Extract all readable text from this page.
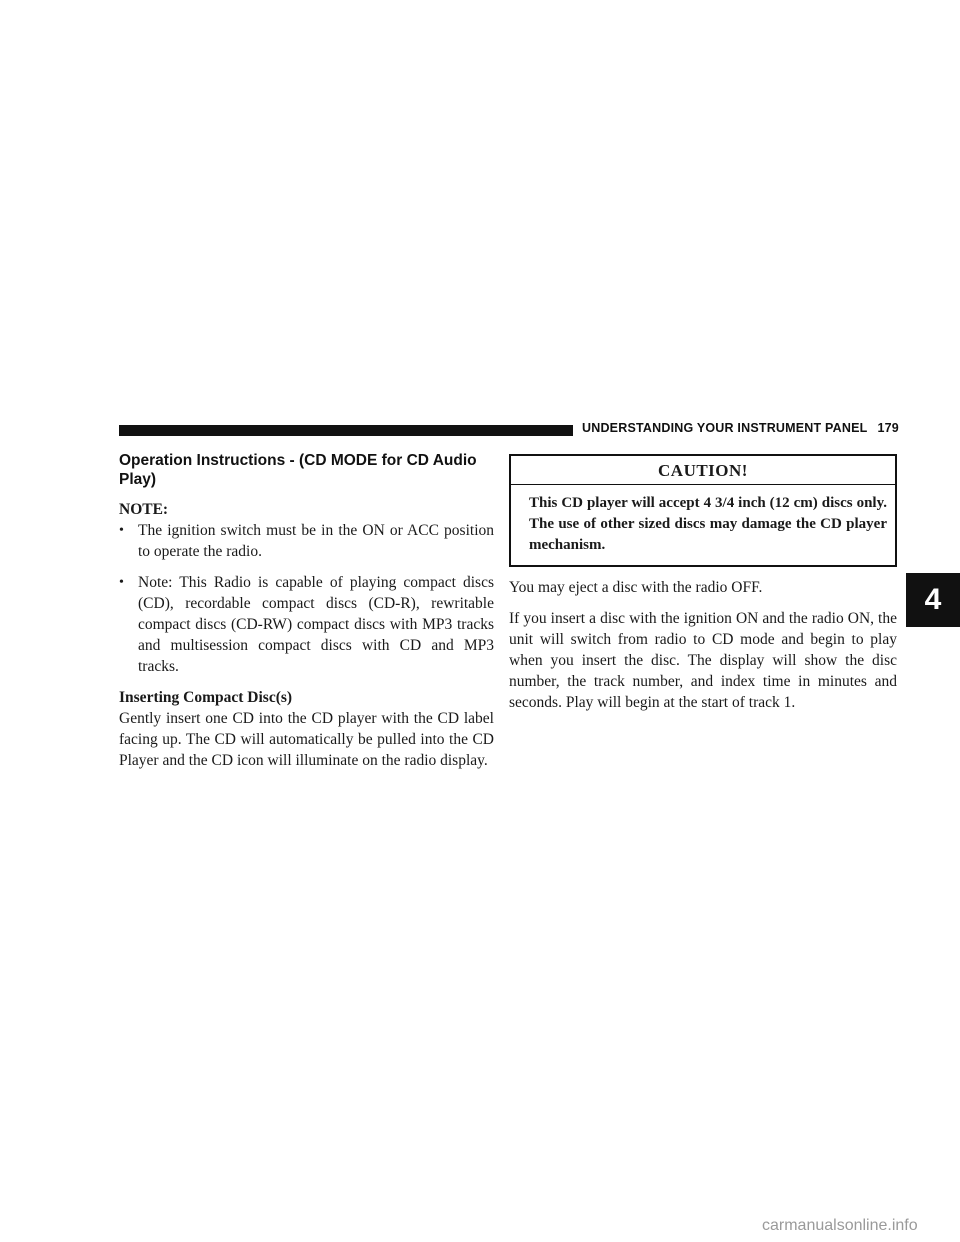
UNDERSTANDING YOUR INSTRUMENT PANEL 179
4
Operation Instructions - (CD MODE for CD Audio Play)
NOTE:
• The ignition switch must be in the ON or ACC position to operate the radio.
• Note: This Radio is capable of playing compact discs (CD), recordable compact discs (CD-R), rewritable compact discs (CD-RW) compact discs with MP3 tracks and multisession compact discs with CD and MP3 tracks.
Inserting Compact Disc(s)

Gently insert one CD into the CD player with the CD label facing up. The CD will automatically be pulled into the CD Player and the CD icon will illuminate on the radio display.

CAUTION!
This CD player will accept 4 3/4 inch (12 cm) discs only. The use of other sized discs may damage the CD player mechanism.

You may eject a disc with the radio OFF.

If you insert a disc with the ignition ON and the radio ON, the unit will switch from radio to CD mode and begin to play when you insert the disc. The display will show the disc number, the track number, and index time in minutes and seconds. Play will begin at the start of track 1.

carmanualsonline.info
